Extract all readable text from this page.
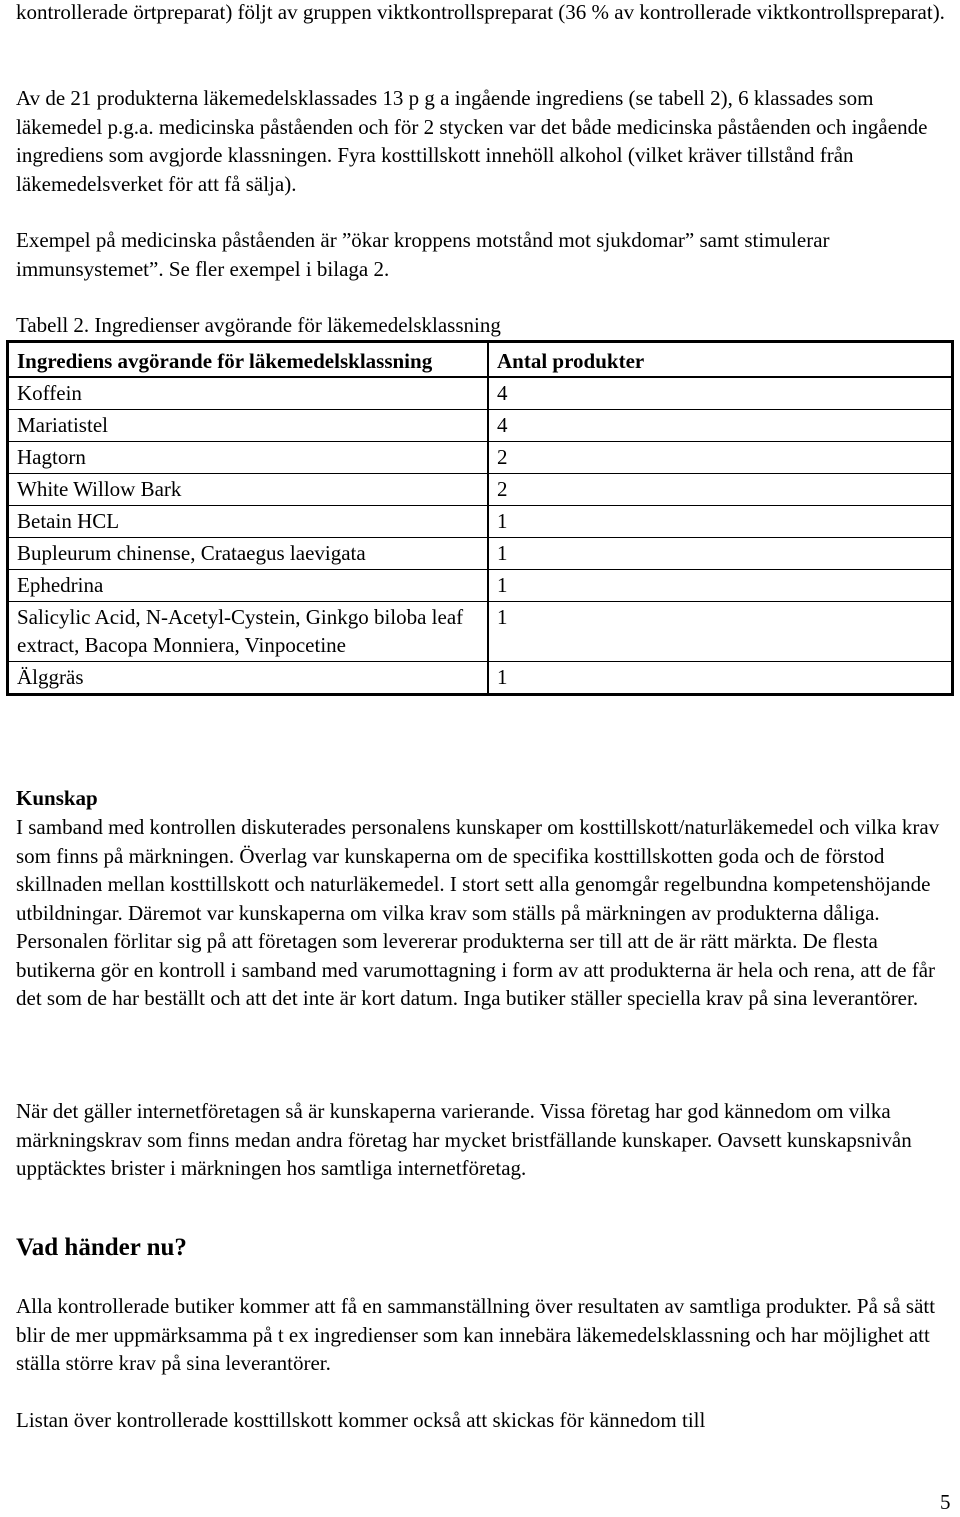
kontrollerade örtpreparat) följt av gruppen viktkontrollspreparat (36 % av kontrollerade viktkontrollspreparat).

Av de 21 produkterna läkemedelsklassades 13 p g a ingående ingrediens (se tabell 2), 6 klassades som läkemedel p.g.a. medicinska påståenden och för 2 stycken var det både medicinska påståenden och ingående ingrediens som avgjorde klassningen. Fyra kosttillskott innehöll alkohol (vilket kräver tillstånd från läkemedelsverket för att få sälja).

Exempel på medicinska påståenden är ”ökar kroppens motstånd mot sjukdomar” samt stimulerar immunsystemet”. Se fler exempel i bilaga 2.

Tabell 2. Ingredienser avgörande för läkemedelsklassning

Ingrediens avgörande för läkemedelsklassning	Antal produkter
Koffein	4
Mariatistel	4
Hagtorn	2
White Willow Bark	2
Betain HCL	1
Bupleurum chinense, Crataegus laevigata	1
Ephedrina	1
Salicylic Acid, N-Acetyl-Cystein, Ginkgo biloba leaf extract, Bacopa Monniera, Vinpocetine	1
Älggräs	1

Kunskap

I samband med kontrollen diskuterades personalens kunskaper om kosttillskott/naturläkemedel och vilka krav som finns på märkningen. Överlag var kunskaperna om de specifika kosttillskotten goda och de förstod skillnaden mellan kosttillskott och naturläkemedel. I stort sett alla genomgår regelbundna kompetenshöjande utbildningar. Däremot var kunskaperna om vilka krav som ställs på märkningen av produkterna dåliga. Personalen förlitar sig på att företagen som levererar produkterna ser till att de är rätt märkta. De flesta butikerna gör en kontroll i samband med varumottagning i form av att produkterna är hela och rena, att de får det som de har beställt och att det inte är kort datum. Inga butiker ställer speciella krav på sina leverantörer.

När det gäller internetföretagen så är kunskaperna varierande. Vissa företag har god kännedom om vilka märkningskrav som finns medan andra företag har mycket bristfällande kunskaper. Oavsett kunskapsnivån upptäcktes brister i märkningen hos samtliga internetföretag.

Vad händer nu?

Alla kontrollerade butiker kommer att få en sammanställning över resultaten av samtliga produkter. På så sätt blir de mer uppmärksamma på t ex ingredienser som kan innebära läkemedelsklassning och har möjlighet att ställa större krav på sina leverantörer.

Listan över kontrollerade kosttillskott kommer också att skickas för kännedom till

5
